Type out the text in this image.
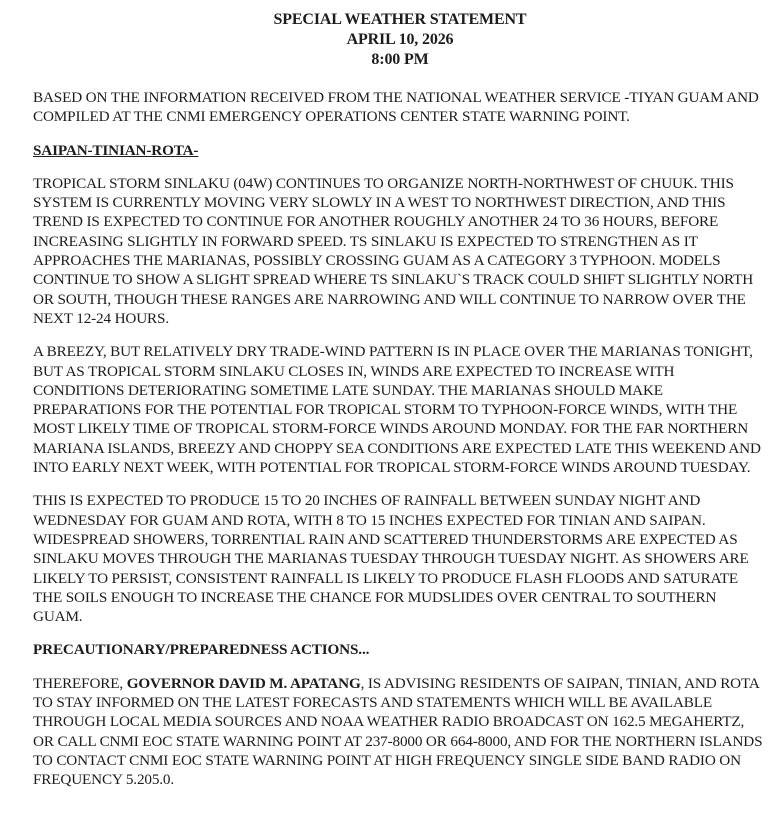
SPECIAL WEATHER STATEMENT
APRIL 10, 2026
8:00 PM

BASED ON THE INFORMATION RECEIVED FROM THE NATIONAL WEATHER SERVICE -TIYAN GUAM AND COMPILED AT THE CNMI EMERGENCY OPERATIONS CENTER STATE WARNING POINT.

SAIPAN-TINIAN-ROTA-

TROPICAL STORM SINLAKU (04W) CONTINUES TO ORGANIZE NORTH-NORTHWEST OF CHUUK. THIS SYSTEM IS CURRENTLY MOVING VERY SLOWLY IN A WEST TO NORTHWEST DIRECTION, AND THIS TREND IS EXPECTED TO CONTINUE FOR ANOTHER ROUGHLY ANOTHER 24 TO 36 HOURS, BEFORE INCREASING SLIGHTLY IN FORWARD SPEED. TS SINLAKU IS EXPECTED TO STRENGTHEN AS IT APPROACHES THE MARIANAS, POSSIBLY CROSSING GUAM AS A CATEGORY 3 TYPHOON. MODELS CONTINUE TO SHOW A SLIGHT SPREAD WHERE TS SINLAKU`S TRACK COULD SHIFT SLIGHTLY NORTH OR SOUTH, THOUGH THESE RANGES ARE NARROWING AND WILL CONTINUE TO NARROW OVER THE NEXT 12-24 HOURS.

A BREEZY, BUT RELATIVELY DRY TRADE-WIND PATTERN IS IN PLACE OVER THE MARIANAS TONIGHT, BUT AS TROPICAL STORM SINLAKU CLOSES IN, WINDS ARE EXPECTED TO INCREASE WITH CONDITIONS DETERIORATING SOMETIME LATE SUNDAY. THE MARIANAS SHOULD MAKE PREPARATIONS FOR THE POTENTIAL FOR TROPICAL STORM TO TYPHOON-FORCE WINDS, WITH THE MOST LIKELY TIME OF TROPICAL STORM-FORCE WINDS AROUND MONDAY. FOR THE FAR NORTHERN MARIANA ISLANDS, BREEZY AND CHOPPY SEA CONDITIONS ARE EXPECTED LATE THIS WEEKEND AND INTO EARLY NEXT WEEK, WITH POTENTIAL FOR TROPICAL STORM-FORCE WINDS AROUND TUESDAY.

THIS IS EXPECTED TO PRODUCE 15 TO 20 INCHES OF RAINFALL BETWEEN SUNDAY NIGHT AND WEDNESDAY FOR GUAM AND ROTA, WITH 8 TO 15 INCHES EXPECTED FOR TINIAN AND SAIPAN. WIDESPREAD SHOWERS, TORRENTIAL RAIN AND SCATTERED THUNDERSTORMS ARE EXPECTED AS SINLAKU MOVES THROUGH THE MARIANAS TUESDAY THROUGH TUESDAY NIGHT. AS SHOWERS ARE LIKELY TO PERSIST, CONSISTENT RAINFALL IS LIKELY TO PRODUCE FLASH FLOODS AND SATURATE THE SOILS ENOUGH TO INCREASE THE CHANCE FOR MUDSLIDES OVER CENTRAL TO SOUTHERN GUAM.

PRECAUTIONARY/PREPAREDNESS ACTIONS...

THEREFORE, GOVERNOR DAVID M. APATANG, IS ADVISING RESIDENTS OF SAIPAN, TINIAN, AND ROTA TO STAY INFORMED ON THE LATEST FORECASTS AND STATEMENTS WHICH WILL BE AVAILABLE THROUGH LOCAL MEDIA SOURCES AND NOAA WEATHER RADIO BROADCAST ON 162.5 MEGAHERTZ, OR CALL CNMI EOC STATE WARNING POINT AT 237-8000 OR 664-8000, AND FOR THE NORTHERN ISLANDS TO CONTACT CNMI EOC STATE WARNING POINT AT HIGH FREQUENCY SINGLE SIDE BAND RADIO ON FREQUENCY 5.205.0.
